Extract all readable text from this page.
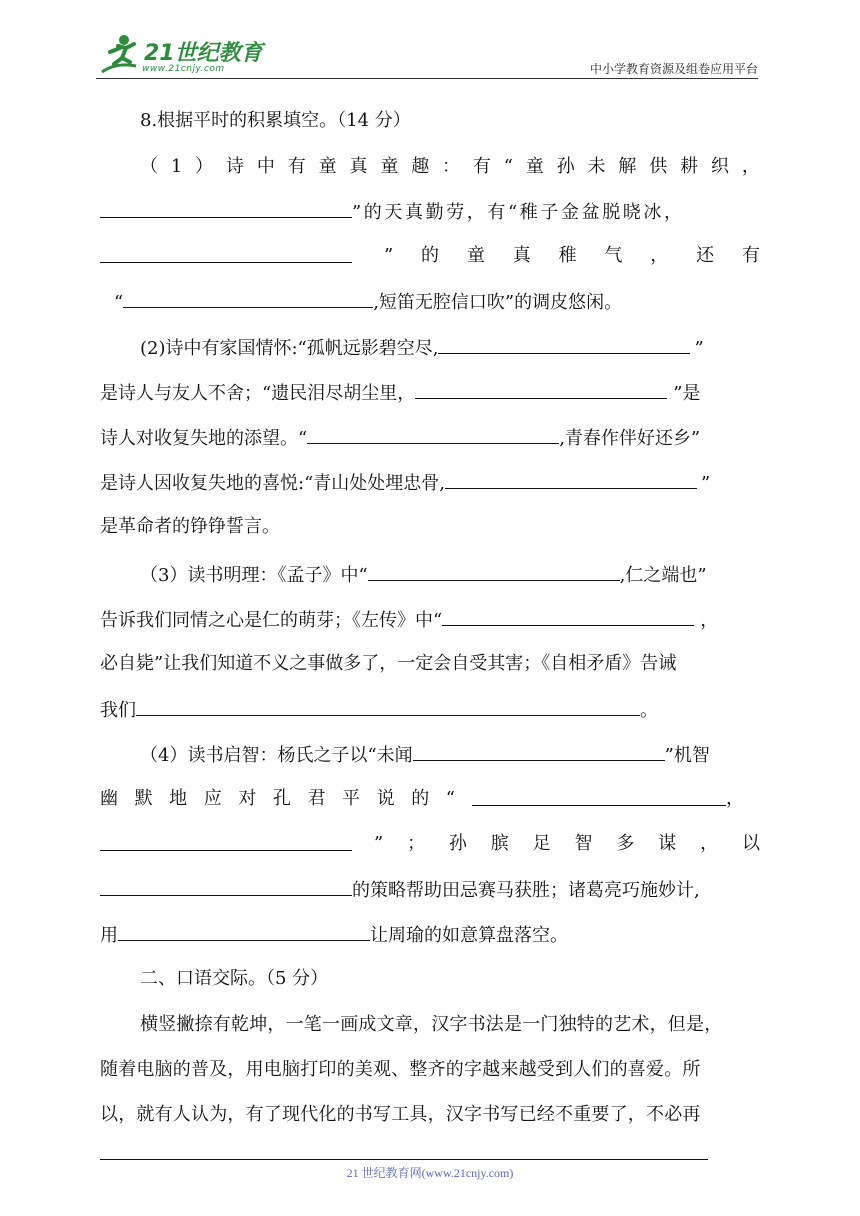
21世纪教育
www.21cnjy.com	中小学教育资源及组卷应用平台
8.根据平时的积累填空。（14 分）
（ 1 ） 诗 中 有 童 真 童 趣 ： 有 “ 童 孙 未 解 供 耕 织 ，
”的天真勤劳，有“稚子金盆脱晓冰，
” 的 童 真 稚 气 ， 还 有
“	,短笛无腔信口吹”的调皮悠闲。
(2)诗中有家国情怀:“孤帆远影碧空尽,	”
是诗人与友人不舍；“遗民泪尽胡尘里，	”是
诗人对收复失地的添望。“	,青春作伴好还乡”
是诗人因收复失地的喜悦:“青山处处埋忠骨,	”
是革命者的铮铮誓言。
（3）读书明理：《孟子》中“	,仁之端也”
告诉我们同情之心是仁的萌芽；《左传》中“	，
必自毙”让我们知道不义之事做多了，一定会自受其害；《自相矛盾》告诫
我们	。
（4）读书启智：杨氏之子以“未闻	”机智
幽 默 地 应 对 孔 君 平 说 的 “	，
” ； 孙 膑 足 智 多 谋 ， 以
的策略帮助田忌赛马获胜；诸葛亮巧施妙计,
用	让周瑜的如意算盘落空。
二、口语交际。（5 分）
横竖撇捺有乾坤，一笔一画成文章，汉字书法是一门独特的艺术，但是，
随着电脑的普及，用电脑打印的美观、整齐的字越来越受到人们的喜爱。所
以，就有人认为，有了现代化的书写工具，汉字书写已经不重要了，不必再
21 世纪教育网(www.21cnjy.com)
